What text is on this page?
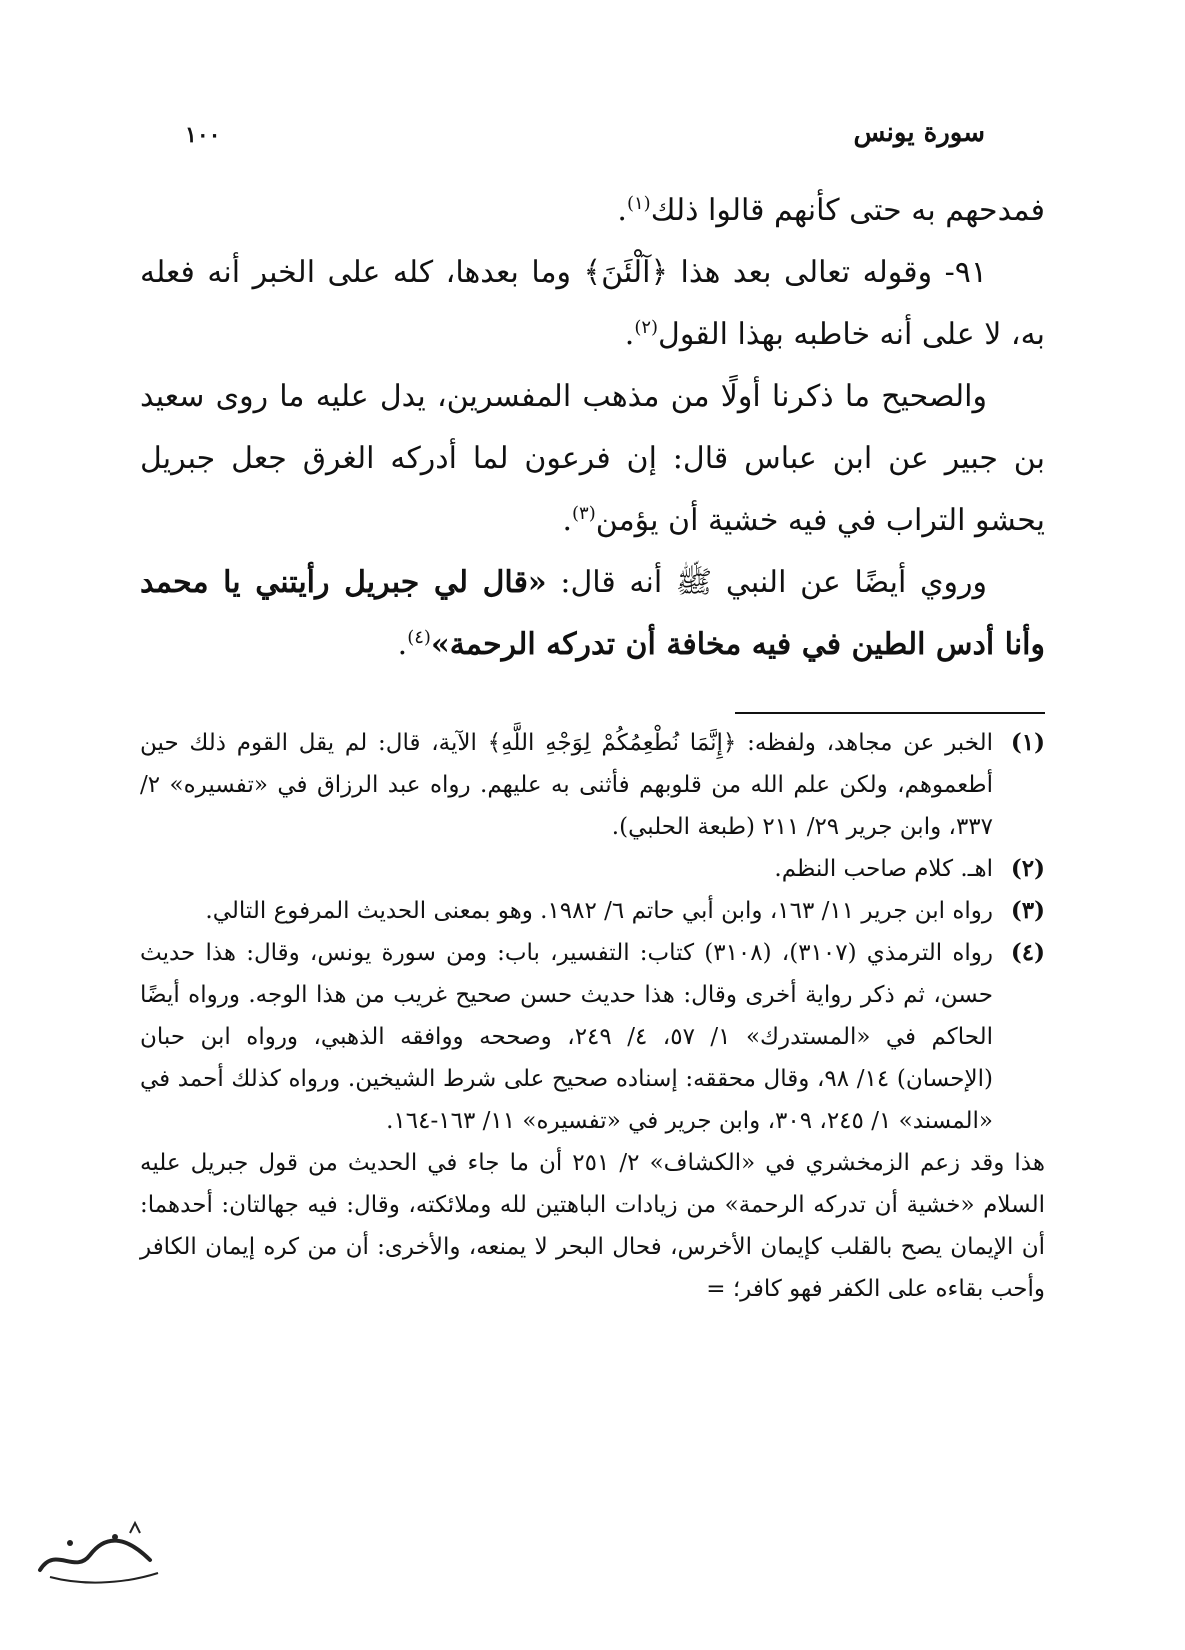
سورة يونس
١٠٠

فمدحهم به حتى كأنهم قالوا ذلك$^{(١)}$.

٩١- وقوله تعالى بعد هذا ﴿آلْئَنَ﴾ وما بعدها، كله على الخبر أنه فعله به، لا على أنه خاطبه بهذا القول$^{(٢)}$.

والصحيح ما ذكرنا أولًا من مذهب المفسرين، يدل عليه ما روى سعيد بن جبير عن ابن عباس قال: إن فرعون لما أدركه الغرق جعل جبريل يحشو التراب في فيه خشية أن يؤمن$^{(٣)}$.

وروي أيضًا عن النبي ﷺ أنه قال: «قال لي جبريل رأيتني يا محمد وأنا أدس الطين في فيه مخافة أن تدركه الرحمة»$^{(٤)}$.

(١)
الخبر عن مجاهد، ولفظه: ﴿إِنَّمَا نُطْعِمُكُمْ لِوَجْهِ اللَّهِ﴾ الآية، قال: لم يقل القوم ذلك حين أطعموهم، ولكن علم الله من قلوبهم فأثنى به عليهم. رواه عبد الرزاق في «تفسيره» ٢/ ٣٣٧، وابن جرير ٢٩/ ٢١١ (طبعة الحلبي).
(٢)
اهـ. كلام صاحب النظم.
(٣)
رواه ابن جرير ١١/ ١٦٣، وابن أبي حاتم ٦/ ١٩٨٢. وهو بمعنى الحديث المرفوع التالي.
(٤)
رواه الترمذي (٣١٠٧)، (٣١٠٨) كتاب: التفسير، باب: ومن سورة يونس، وقال: هذا حديث حسن، ثم ذكر رواية أخرى وقال: هذا حديث حسن صحيح غريب من هذا الوجه. ورواه أيضًا الحاكم في «المستدرك» ١/ ٥٧، ٤/ ٢٤٩، وصححه ووافقه الذهبي، ورواه ابن حبان (الإحسان) ١٤/ ٩٨، وقال محققه: إسناده صحيح على شرط الشيخين. ورواه كذلك أحمد في «المسند» ١/ ٢٤٥، ٣٠٩، وابن جرير في «تفسيره» ١١/ ١٦٣-١٦٤.

هذا وقد زعم الزمخشري في «الكشاف» ٢/ ٢٥١ أن ما جاء في الحديث من قول جبريل عليه السلام «خشية أن تدركه الرحمة» من زيادات الباهتين لله وملائكته، وقال: فيه جهالتان: أحدهما: أن الإيمان يصح بالقلب كإيمان الأخرس، فحال البحر لا يمنعه، والأخرى: أن من كره إيمان الكافر وأحب بقاءه على الكفر فهو كافر؛ =
